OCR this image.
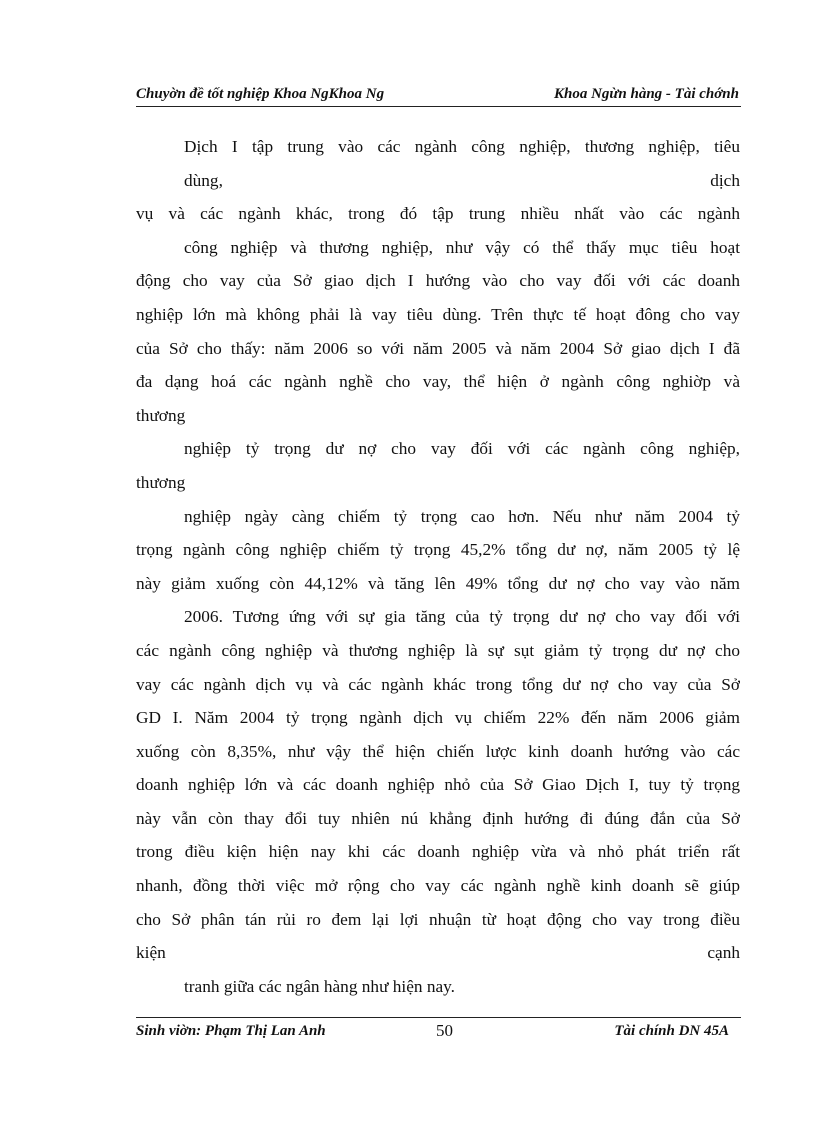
Chuyờn đề tốt nghiệp Khoa NgKhoa Ng	Khoa Ngừn hàng - Tài chớnh
Dịch I tập trung vào các ngành công nghiệp, thương nghiệp, tiêu
dùng, dịch
vụ và các ngành khác, trong đó tập trung nhiều nhất vào các ngành
công nghiệp và thương nghiệp, như vậy có thể thấy mục tiêu hoạt
động cho vay của Sở giao dịch I hướng vào cho vay đối với các doanh
nghiệp lớn mà không phải là vay tiêu dùng. Trên thực tế hoạt đông cho vay
của Sở cho thấy: năm 2006 so với năm 2005 và năm 2004 Sở giao dịch I đã
đa dạng hoá các ngành nghề cho vay, thể hiện ở ngành công nghiờp và
thương
nghiệp tỷ trọng dư nợ cho vay đối với các ngành công nghiệp,
thương
nghiệp ngày càng chiếm tỷ trọng cao hơn. Nếu như năm 2004 tỷ
trọng ngành công nghiệp chiếm tỷ trọng 45,2% tổng dư nợ, năm 2005 tỷ lệ
này giảm xuống còn 44,12% và tăng lên 49% tổng dư nợ cho vay vào năm
2006. Tương ứng với sự gia tăng của tỷ trọng dư nợ cho vay đối với
các ngành công nghiệp và thương nghiệp là sự sụt giảm tỷ trọng dư nợ cho
vay các ngành dịch vụ và các ngành khác trong tổng dư nợ cho vay của Sở
GD I. Năm 2004 tỷ trọng ngành dịch vụ chiếm 22% đến năm 2006 giảm
xuống còn 8,35%, như vậy thể hiện chiến lược kinh doanh hướng vào các
doanh nghiệp lớn và các doanh nghiệp nhỏ của Sở Giao Dịch I, tuy tỷ trọng
này vẫn còn thay đổi tuy nhiên nú khẳng định hướng đi đúng đắn của Sở
trong điều kiện hiện nay khi các doanh nghiệp vừa và nhỏ phát triển rất
nhanh, đồng thời việc mở rộng cho vay các ngành nghề kinh doanh sẽ giúp
cho Sở phân tán rủi ro đem lại lợi nhuận từ hoạt động cho vay trong điều
kiện cạnh
tranh giữa các ngân hàng như hiện nay.
Sinh viờn: Phạm Thị Lan Anh	50	Tài chính DN 45A
